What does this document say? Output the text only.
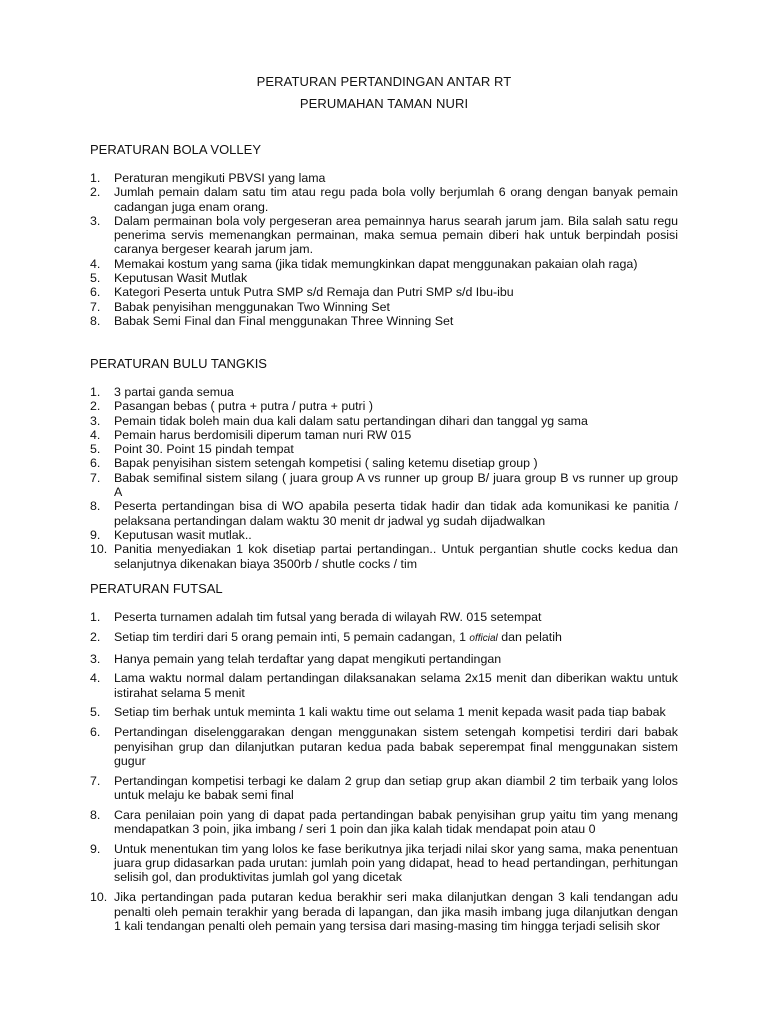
PERATURAN PERTANDINGAN ANTAR RT
PERUMAHAN TAMAN NURI
PERATURAN BOLA VOLLEY
1. Peraturan mengikuti PBVSI yang lama
2. Jumlah pemain dalam satu tim atau regu pada bola volly berjumlah 6 orang dengan banyak pemain cadangan juga enam orang.
3. Dalam permainan bola voly pergeseran area pemainnya harus searah jarum jam. Bila salah satu regu penerima servis memenangkan permainan, maka semua pemain diberi hak untuk berpindah posisi caranya bergeser kearah jarum jam.
4. Memakai kostum yang sama (jika tidak memungkinkan dapat menggunakan pakaian olah raga)
5. Keputusan Wasit Mutlak
6. Kategori Peserta untuk Putra SMP s/d Remaja dan Putri SMP s/d Ibu-ibu
7. Babak penyisihan menggunakan Two Winning Set
8. Babak Semi Final dan Final menggunakan Three Winning Set
PERATURAN BULU TANGKIS
1. 3 partai ganda semua
2. Pasangan bebas ( putra + putra / putra + putri )
3. Pemain tidak boleh main dua kali dalam satu pertandingan dihari dan tanggal yg sama
4. Pemain harus berdomisili diperum taman nuri RW 015
5. Point 30. Point 15 pindah tempat
6. Bapak penyisihan sistem setengah kompetisi ( saling ketemu disetiap group )
7. Babak semifinal sistem silang ( juara group A vs runner up group B/ juara group B vs runner up group A
8. Peserta pertandingan bisa di WO apabila peserta tidak hadir dan tidak ada komunikasi ke panitia / pelaksana pertandingan dalam waktu 30 menit dr jadwal yg sudah dijadwalkan
9. Keputusan wasit mutlak..
10. Panitia menyediakan 1 kok disetiap partai pertandingan.. Untuk pergantian shutle cocks kedua dan selanjutnya dikenakan biaya 3500rb / shutle cocks / tim
PERATURAN FUTSAL
1. Peserta turnamen adalah tim futsal yang berada di wilayah RW. 015 setempat
2. Setiap tim terdiri dari 5 orang pemain inti, 5 pemain cadangan, 1 official dan pelatih
3. Hanya pemain yang telah terdaftar yang dapat mengikuti pertandingan
4. Lama waktu normal dalam pertandingan dilaksanakan selama 2x15 menit dan diberikan waktu untuk istirahat selama 5 menit
5. Setiap tim berhak untuk meminta 1 kali waktu time out selama 1 menit kepada wasit pada tiap babak
6. Pertandingan diselenggarakan dengan menggunakan sistem setengah kompetisi terdiri dari babak penyisihan grup dan dilanjutkan putaran kedua pada babak seperempat final menggunakan sistem gugur
7. Pertandingan kompetisi terbagi ke dalam 2 grup dan setiap grup akan diambil 2 tim terbaik yang lolos untuk melaju ke babak semi final
8. Cara penilaian poin yang di dapat pada pertandingan babak penyisihan grup yaitu tim yang menang mendapatkan 3 poin, jika imbang / seri 1 poin dan jika kalah tidak mendapat poin atau 0
9. Untuk menentukan tim yang lolos ke fase berikutnya jika terjadi nilai skor yang sama, maka penentuan juara grup didasarkan pada urutan: jumlah poin yang didapat, head to head pertandingan, perhitungan selisih gol, dan produktivitas jumlah gol yang dicetak
10. Jika pertandingan pada putaran kedua berakhir seri maka dilanjutkan dengan 3 kali tendangan adu penalti oleh pemain terakhir yang berada di lapangan, dan jika masih imbang juga dilanjutkan dengan 1 kali tendangan penalti oleh pemain yang tersisa dari masing-masing tim hingga terjadi selisih skor
